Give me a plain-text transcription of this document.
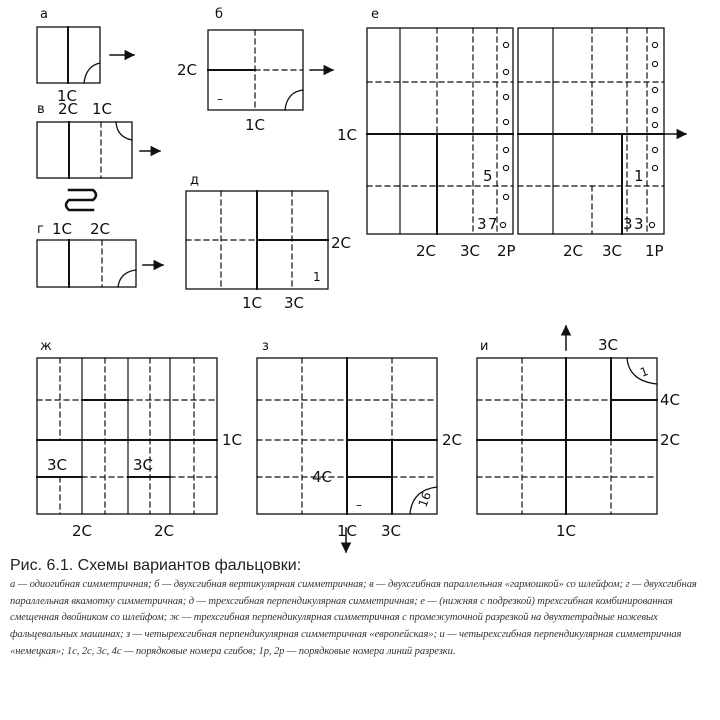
а
1С
в 2С 1С
г 1С 2С
б
2С
1С
–
д
2С
1С 3С
1
е
1С
5
3 7
2С 3С 2Р
1
3 3
2С 3С 1Р
ж
1С
3С	3С
2С	2С
з
2С
4С
1С 3С
–	16
и	3С
4С
2С
1С
1

Рис. 6.1. Схемы вариантов фальцовки:

а — одиогибная симметричная; б — двухсгибная вертикулярная симметричная; в — двухсгибная параллельная «гармошкой» со шлейфом; г — двухсгибная параллельная вкамотку симметричная; д — трехсгибная перпендикулярная симметричная; е — (нижняя с подрезкой) трехсгибная комбинированная смещенная двойником со шлейфом; ж — трехсгибная перпендикулярная симметричная с промежуточной разрезкой на двухтетрадные ножевых фальцевальных машинах; з — четырехсгибная перпендикулярная симметричная «европейская»; и — четырехсгибная перпендикулярная симметричная «немецкая»; 1с, 2с, 3с, 4с — порядковые номера сгибов; 1р, 2р — порядковые номера линий разрезки.
